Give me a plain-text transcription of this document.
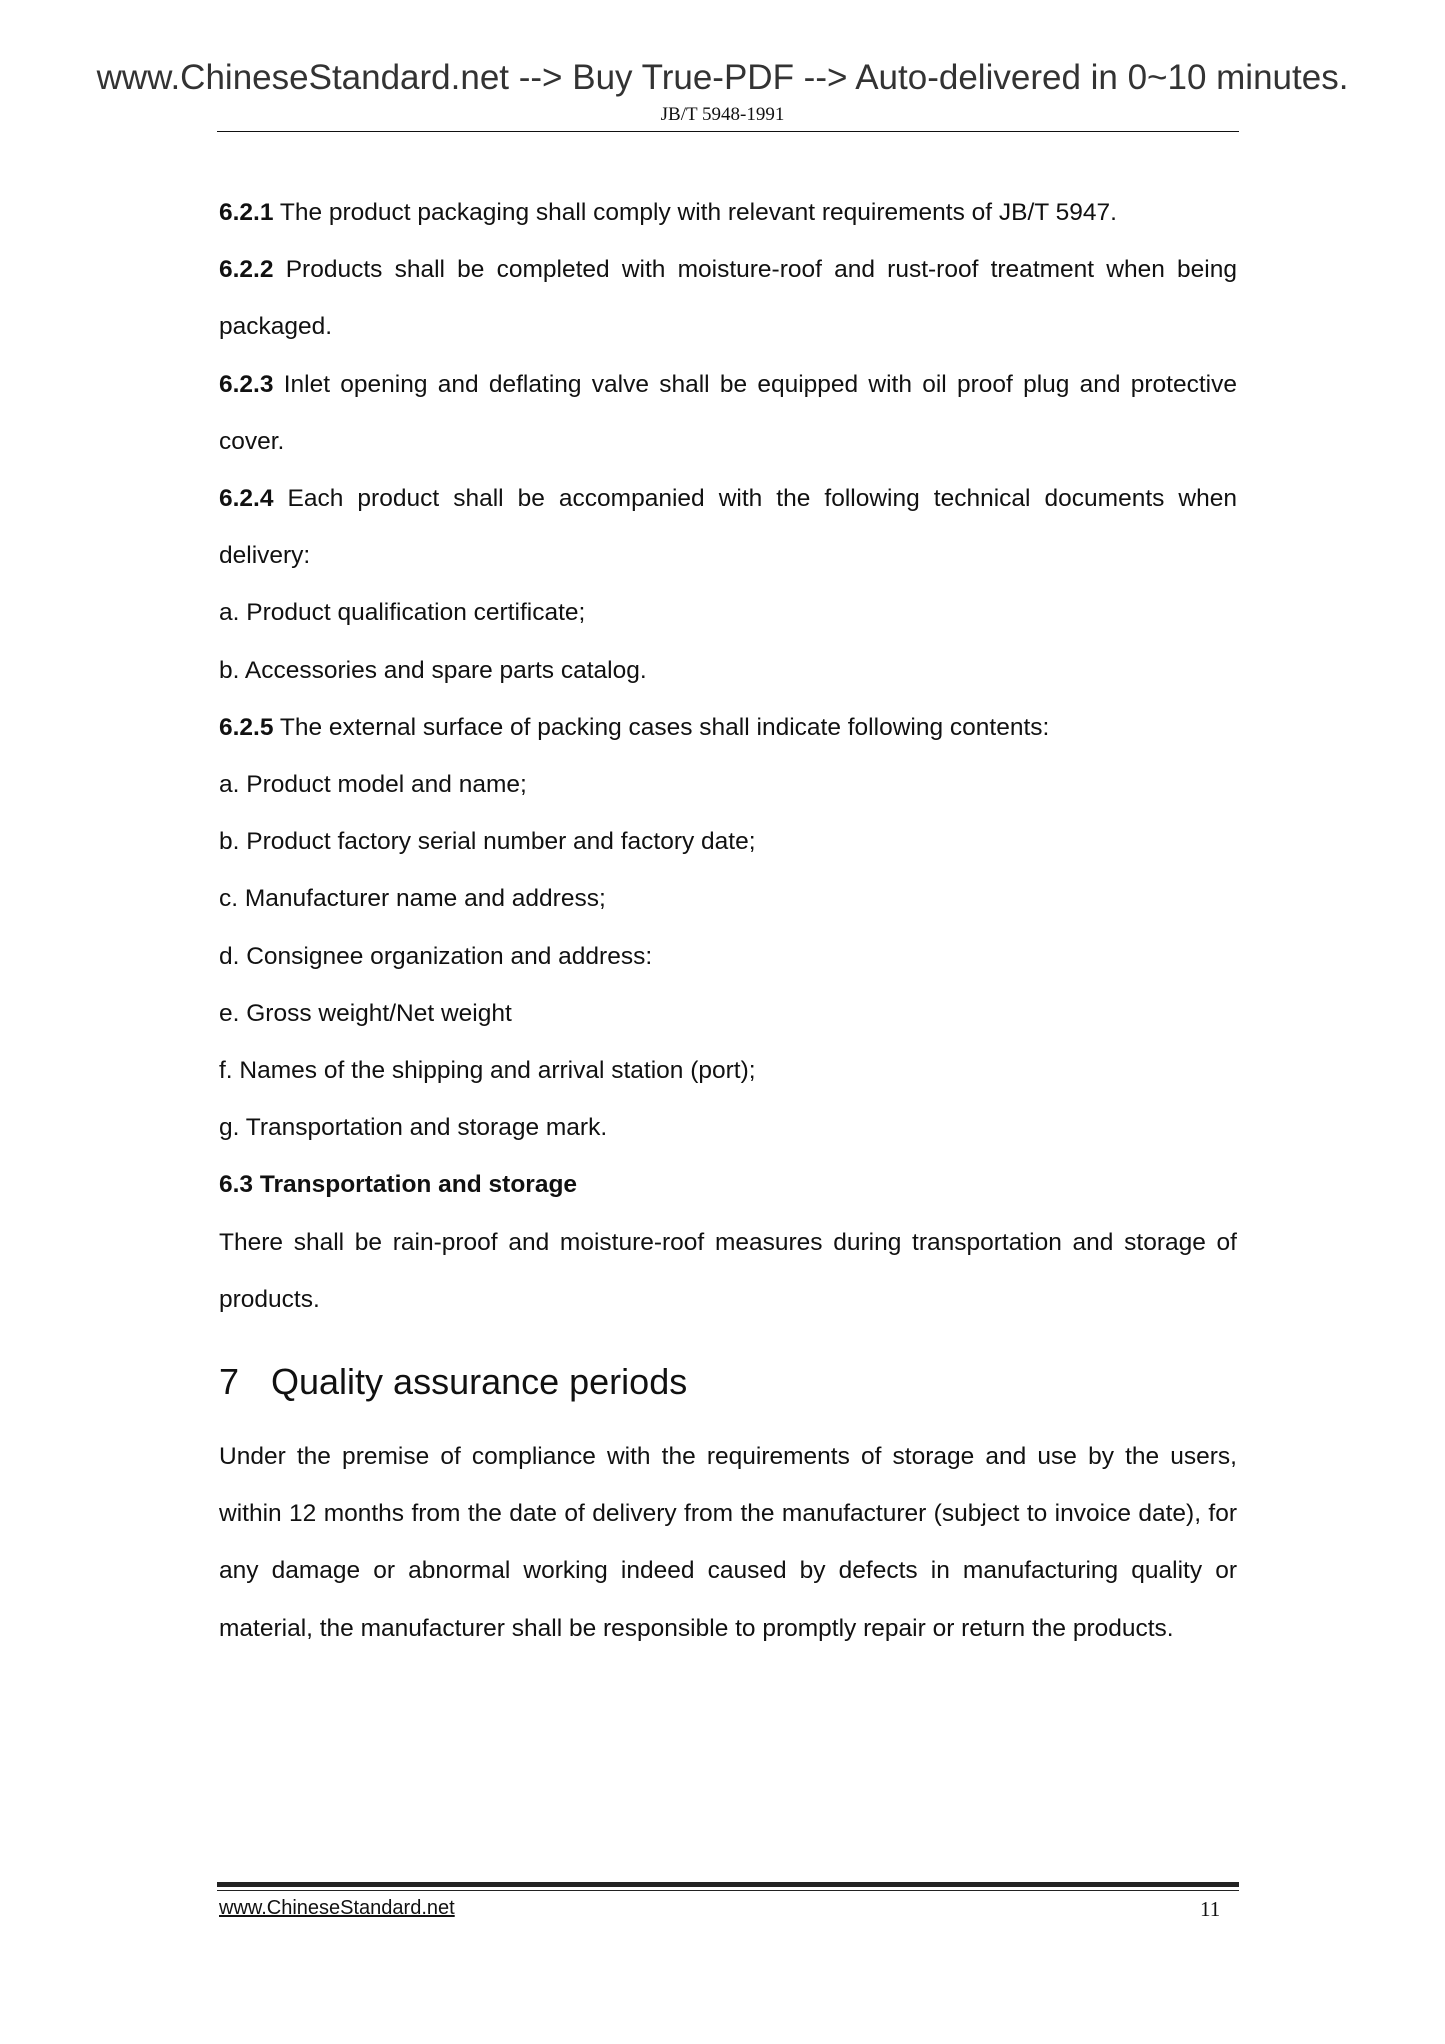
www.ChineseStandard.net --> Buy True-PDF --> Auto-delivered in 0~10 minutes.
JB/T 5948-1991

6.2.1 The product packaging shall comply with relevant requirements of JB/T 5947.

6.2.2 Products shall be completed with moisture-roof and rust-roof treatment when being packaged.

6.2.3 Inlet opening and deflating valve shall be equipped with oil proof plug and protective cover.

6.2.4 Each product shall be accompanied with the following technical documents when delivery:

a. Product qualification certificate;

b. Accessories and spare parts catalog.

6.2.5 The external surface of packing cases shall indicate following contents:

a. Product model and name;

b. Product factory serial number and factory date;

c. Manufacturer name and address;

d. Consignee organization and address:

e. Gross weight/Net weight

f. Names of the shipping and arrival station (port);

g. Transportation and storage mark.

6.3 Transportation and storage

There shall be rain-proof and moisture-roof measures during transportation and storage of products.

7 Quality assurance periods

Under the premise of compliance with the requirements of storage and use by the users, within 12 months from the date of delivery from the manufacturer (subject to invoice date), for any damage or abnormal working indeed caused by defects in manufacturing quality or material, the manufacturer shall be responsible to promptly repair or return the products.

www.ChineseStandard.net	11
